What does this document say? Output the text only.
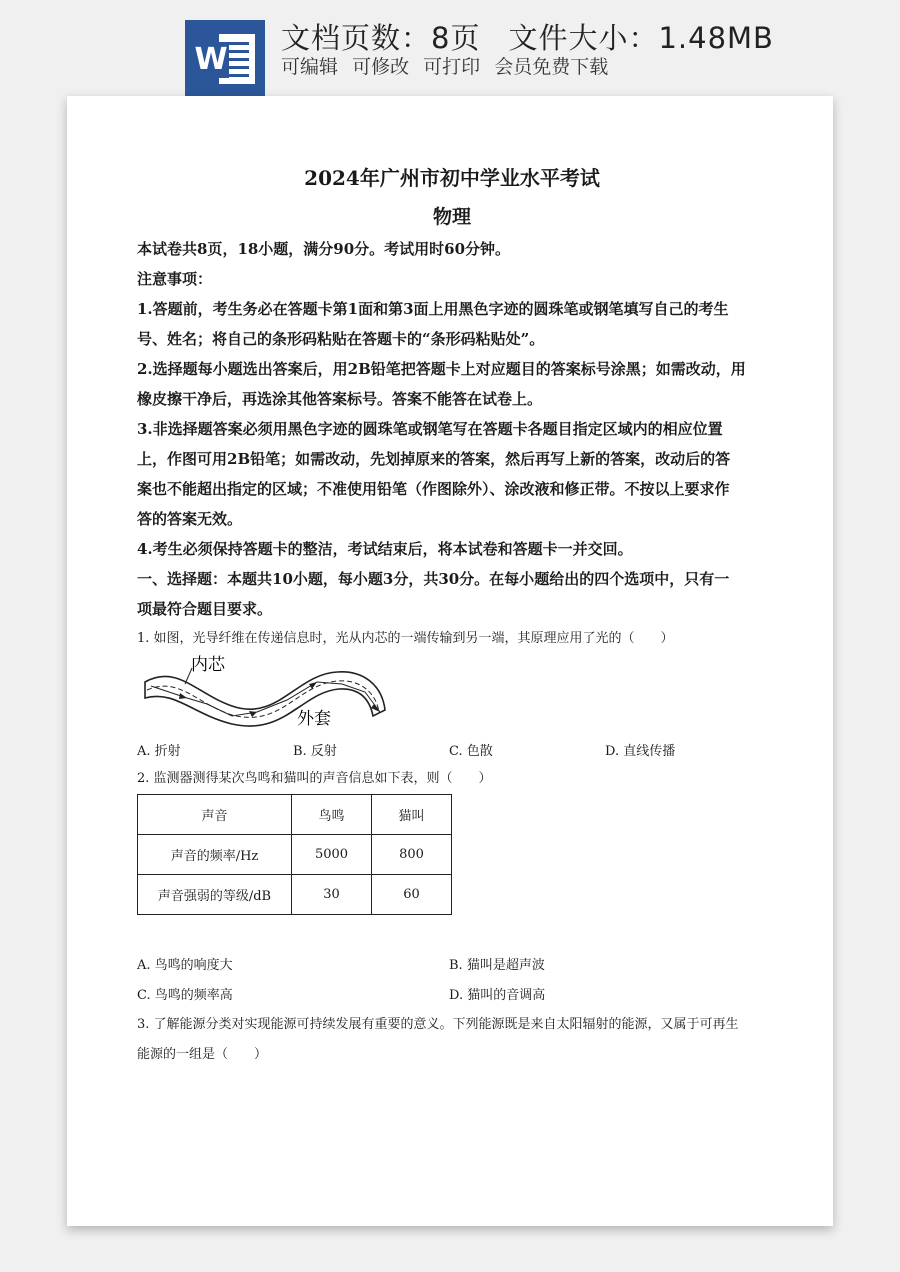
W
文档页数：8页 文件大小：1.48MB
可编辑 可修改 可打印 会员免费下载
2024年广州市初中学业水平考试
物理
本试卷共8页，18小题，满分90分。考试用时60分钟。
注意事项：
1.答题前，考生务必在答题卡第1面和第3面上用黑色字迹的圆珠笔或钢笔填写自己的考生
号、姓名；将自己的条形码粘贴在答题卡的“条形码粘贴处”。
2.选择题每小题选出答案后，用2B铅笔把答题卡上对应题目的答案标号涂黑；如需改动，用
橡皮擦干净后，再选涂其他答案标号。答案不能答在试卷上。
3.非选择题答案必须用黑色字迹的圆珠笔或钢笔写在答题卡各题目指定区域内的相应位置
上，作图可用2B铅笔；如需改动，先划掉原来的答案，然后再写上新的答案，改动后的答
案也不能超出指定的区域；不准使用铅笔（作图除外）、涂改液和修正带。不按以上要求作
答的答案无效。
4.考生必须保持答题卡的整洁，考试结束后，将本试卷和答题卡一并交回。
一、选择题：本题共10小题，每小题3分，共30分。在每小题给出的四个选项中，只有一
项最符合题目要求。
1. 如图，光导纤维在传递信息时，光从内芯的一端传输到另一端，其原理应用了光的（　　）
内芯
外套
A. 折射	B. 反射	C. 色散	D. 直线传播
2. 监测器测得某次鸟鸣和猫叫的声音信息如下表，则（　　）
声音	鸟鸣	猫叫
声音的频率/Hz	5000	800
声音强弱的等级/dB	30	60
A. 鸟鸣的响度大	B. 猫叫是超声波
C. 鸟鸣的频率高	D. 猫叫的音调高
3. 了解能源分类对实现能源可持续发展有重要的意义。下列能源既是来自太阳辐射的能源，又属于可再生
能源的一组是（　　）
